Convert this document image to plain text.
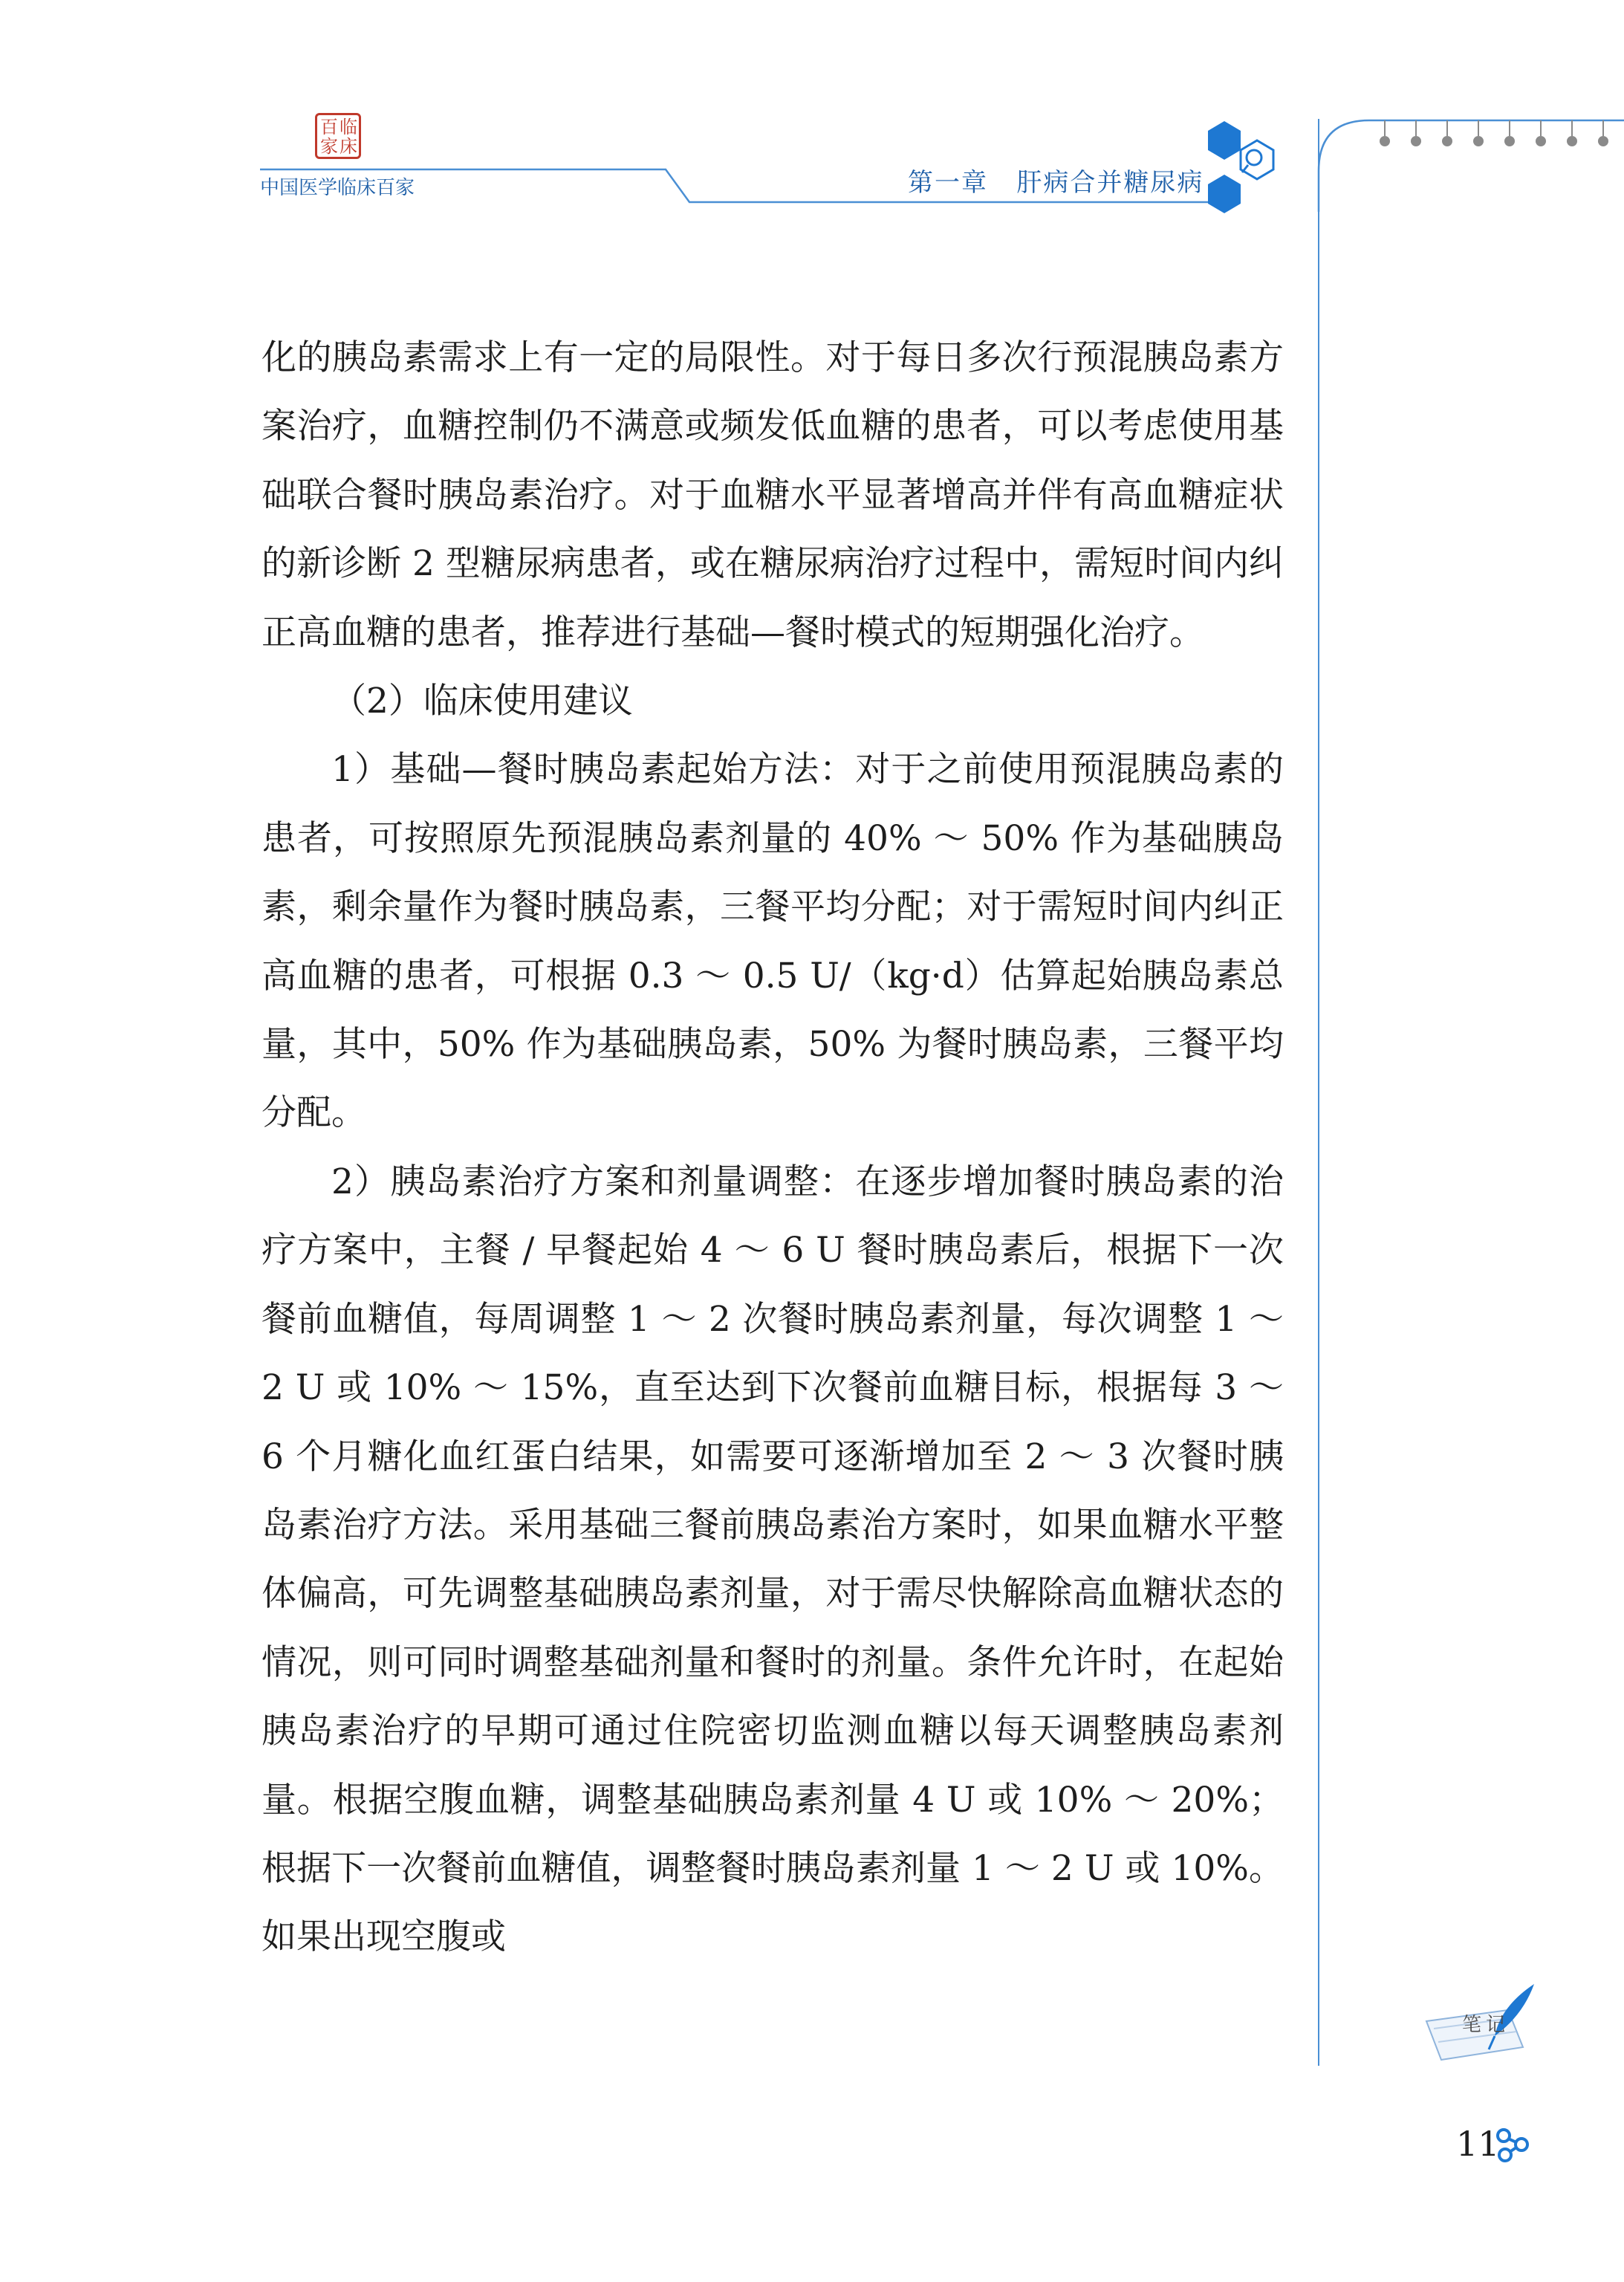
百 临
家 床
中国医学临床百家	第一章   肝病合并糖尿病

化的胰岛素需求上有一定的局限性。对于每日多次行预混胰岛素方案治疗，血糖控制仍不满意或频发低血糖的患者，可以考虑使用基础联合餐时胰岛素治疗。对于血糖水平显著增高并伴有高血糖症状的新诊断 2 型糖尿病患者，或在糖尿病治疗过程中，需短时间内纠正高血糖的患者，推荐进行基础—餐时模式的短期强化治疗。

（2）临床使用建议

1）基础—餐时胰岛素起始方法：对于之前使用预混胰岛素的患者，可按照原先预混胰岛素剂量的 40% ～ 50% 作为基础胰岛素，剩余量作为餐时胰岛素，三餐平均分配；对于需短时间内纠正高血糖的患者，可根据 0.3 ～ 0.5 U/（kg·d）估算起始胰岛素总量，其中，50% 作为基础胰岛素，50% 为餐时胰岛素，三餐平均分配。

2）胰岛素治疗方案和剂量调整：在逐步增加餐时胰岛素的治疗方案中，主餐 / 早餐起始 4 ～ 6 U 餐时胰岛素后，根据下一次餐前血糖值，每周调整 1 ～ 2 次餐时胰岛素剂量，每次调整 1 ～ 2 U 或 10% ～ 15%，直至达到下次餐前血糖目标，根据每 3 ～ 6 个月糖化血红蛋白结果，如需要可逐渐增加至 2 ～ 3 次餐时胰岛素治疗方法。采用基础三餐前胰岛素治方案时，如果血糖水平整体偏高，可先调整基础胰岛素剂量，对于需尽快解除高血糖状态的情况，则可同时调整基础剂量和餐时的剂量。条件允许时，在起始胰岛素治疗的早期可通过住院密切监测血糖以每天调整胰岛素剂量。根据空腹血糖，调整基础胰岛素剂量 4 U 或 10% ～ 20%；根据下一次餐前血糖值，调整餐时胰岛素剂量 1 ～ 2 U 或 10%。如果出现空腹或

笔记
11
